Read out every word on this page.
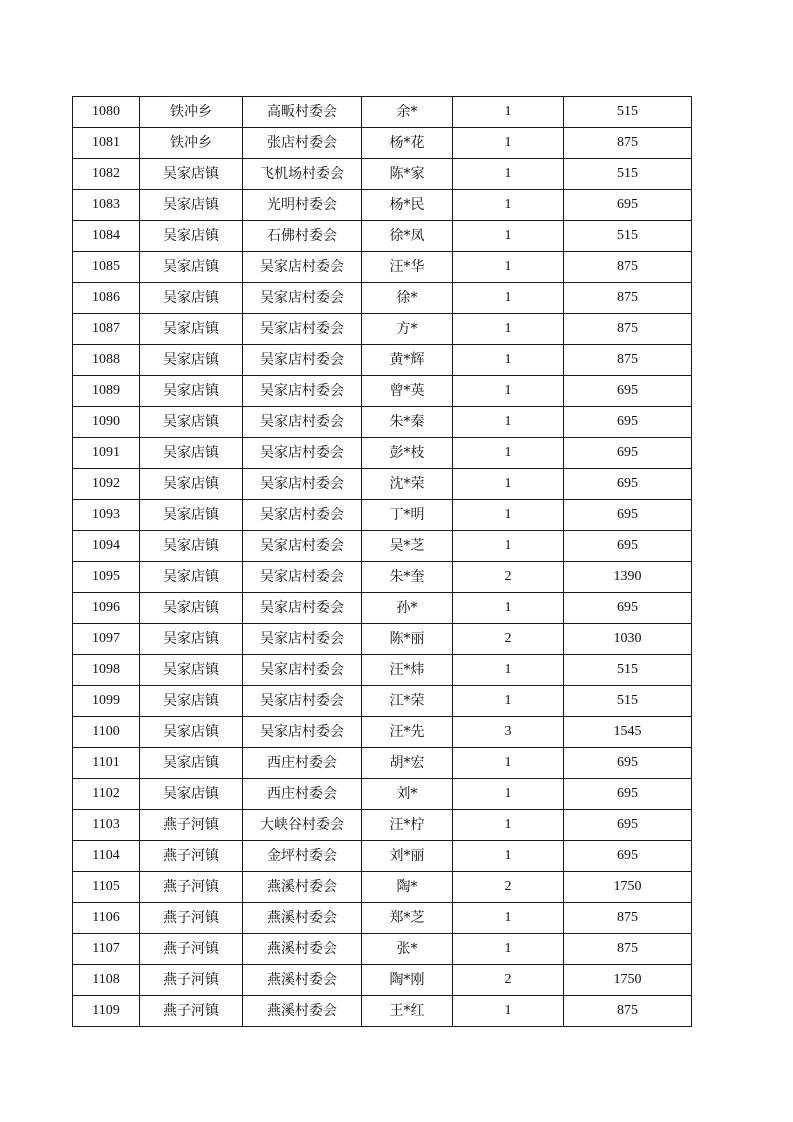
1080	铁冲乡	高畈村委会	余*	1	515
1081	铁冲乡	张店村委会	杨*花	1	875
1082	吴家店镇	飞机场村委会	陈*家	1	515
1083	吴家店镇	光明村委会	杨*民	1	695
1084	吴家店镇	石佛村委会	徐*凤	1	515
1085	吴家店镇	吴家店村委会	汪*华	1	875
1086	吴家店镇	吴家店村委会	徐*	1	875
1087	吴家店镇	吴家店村委会	方*	1	875
1088	吴家店镇	吴家店村委会	黄*辉	1	875
1089	吴家店镇	吴家店村委会	曾*英	1	695
1090	吴家店镇	吴家店村委会	朱*秦	1	695
1091	吴家店镇	吴家店村委会	彭*枝	1	695
1092	吴家店镇	吴家店村委会	沈*荣	1	695
1093	吴家店镇	吴家店村委会	丁*明	1	695
1094	吴家店镇	吴家店村委会	吴*芝	1	695
1095	吴家店镇	吴家店村委会	朱*奎	2	1390
1096	吴家店镇	吴家店村委会	孙*	1	695
1097	吴家店镇	吴家店村委会	陈*丽	2	1030
1098	吴家店镇	吴家店村委会	汪*炜	1	515
1099	吴家店镇	吴家店村委会	江*荣	1	515
1100	吴家店镇	吴家店村委会	汪*先	3	1545
1101	吴家店镇	西庄村委会	胡*宏	1	695
1102	吴家店镇	西庄村委会	刘*	1	695
1103	燕子河镇	大峡谷村委会	汪*柠	1	695
1104	燕子河镇	金坪村委会	刘*丽	1	695
1105	燕子河镇	燕溪村委会	陶*	2	1750
1106	燕子河镇	燕溪村委会	郑*芝	1	875
1107	燕子河镇	燕溪村委会	张*	1	875
1108	燕子河镇	燕溪村委会	陶*刚	2	1750
1109	燕子河镇	燕溪村委会	王*红	1	875
